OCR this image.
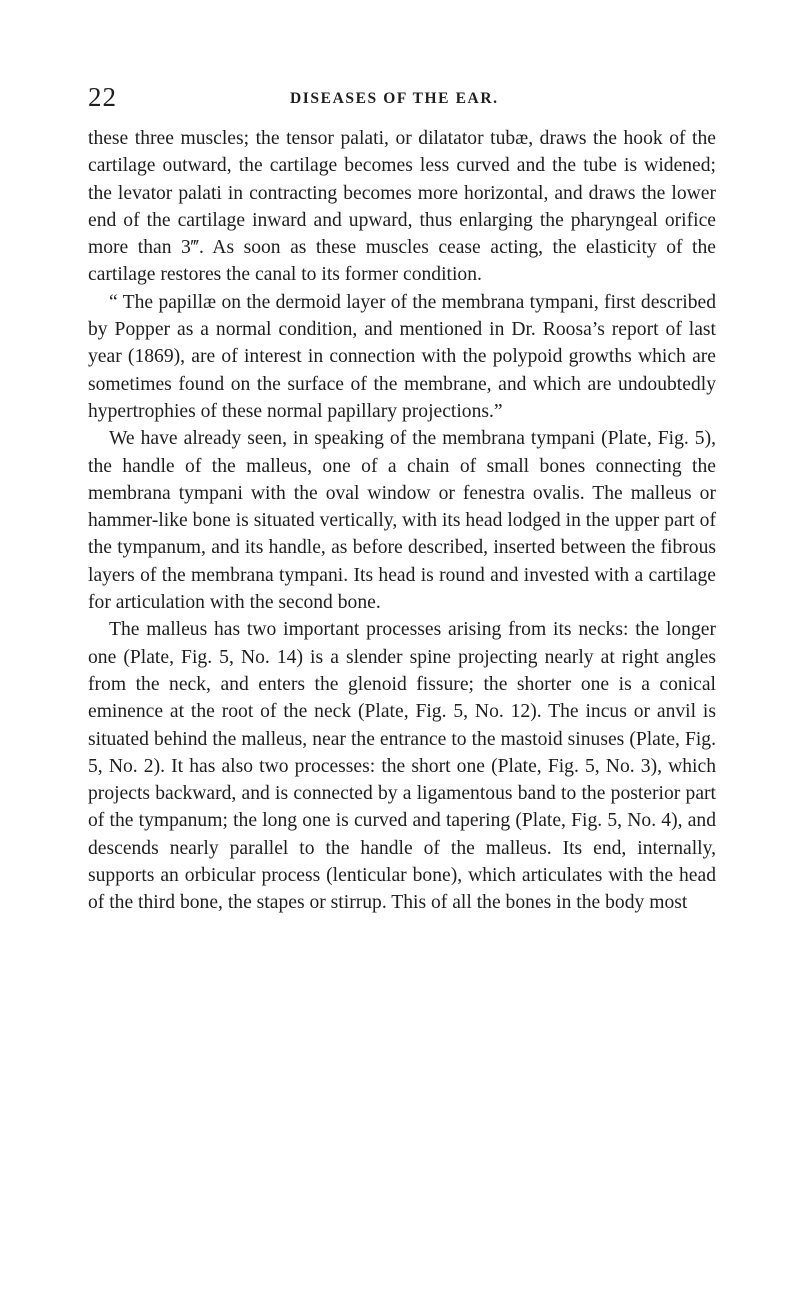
22	DISEASES OF THE EAR.

these three muscles; the tensor palati, or dilatator tubæ, draws the hook of the cartilage outward, the cartilage becomes less curved and the tube is widened; the levator palati in contracting becomes more horizontal, and draws the lower end of the cartilage inward and upward, thus enlarging the pharyngeal orifice more than 3‴. As soon as these muscles cease acting, the elasticity of the cartilage restores the canal to its former condition.

“ The papillæ on the dermoid layer of the membrana tympani, first described by Popper as a normal condition, and mentioned in Dr. Roosa’s report of last year (1869), are of interest in connection with the polypoid growths which are sometimes found on the surface of the membrane, and which are undoubtedly hypertrophies of these normal papillary projections.”

We have already seen, in speaking of the membrana tympani (Plate, Fig. 5), the handle of the malleus, one of a chain of small bones connecting the membrana tympani with the oval window or fenestra ovalis. The malleus or hammer-like bone is situated vertically, with its head lodged in the upper part of the tympanum, and its handle, as before described, inserted between the fibrous layers of the membrana tympani. Its head is round and invested with a cartilage for articulation with the second bone.

The malleus has two important processes arising from its necks: the longer one (Plate, Fig. 5, No. 14) is a slender spine projecting nearly at right angles from the neck, and enters the glenoid fissure; the shorter one is a conical eminence at the root of the neck (Plate, Fig. 5, No. 12). The incus or anvil is situated behind the malleus, near the entrance to the mastoid sinuses (Plate, Fig. 5, No. 2). It has also two processes: the short one (Plate, Fig. 5, No. 3), which projects backward, and is connected by a ligamentous band to the posterior part of the tympanum; the long one is curved and tapering (Plate, Fig. 5, No. 4), and descends nearly parallel to the handle of the malleus. Its end, internally, supports an orbicular process (lenticular bone), which articulates with the head of the third bone, the stapes or stirrup. This of all the bones in the body most
